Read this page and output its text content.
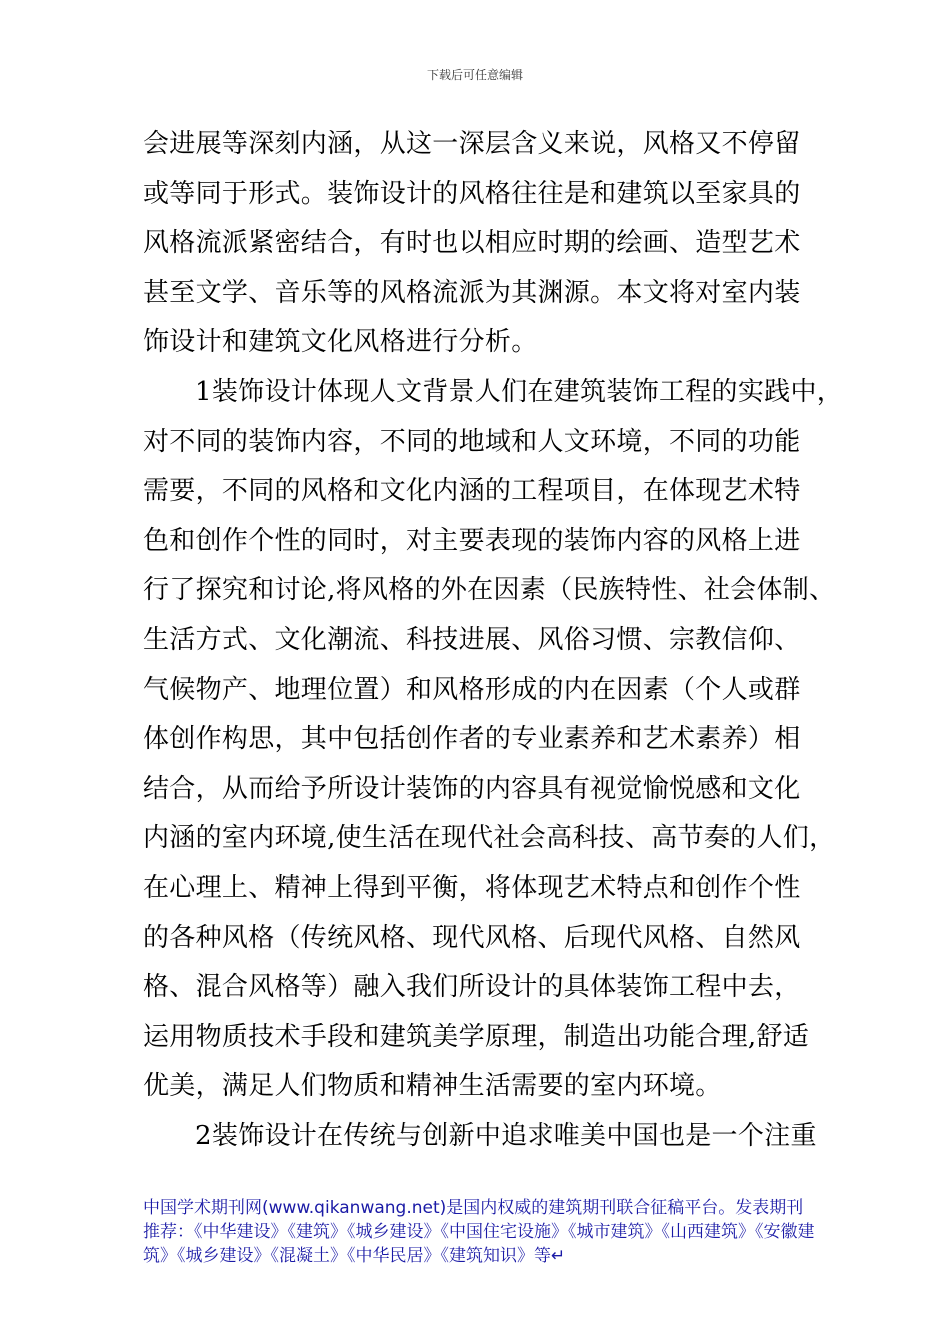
下载后可任意编辑
会进展等深刻内涵，从这一深层含义来说，风格又不停留
或等同于形式。装饰设计的风格往往是和建筑以至家具的
风格流派紧密结合，有时也以相应时期的绘画、造型艺术
甚至文学、音乐等的风格流派为其渊源。本文将对室内装
饰设计和建筑文化风格进行分析。
1装饰设计体现人文背景人们在建筑装饰工程的实践中，
对不同的装饰内容，不同的地域和人文环境，不同的功能
需要，不同的风格和文化内涵的工程项目，在体现艺术特
色和创作个性的同时，对主要表现的装饰内容的风格上进
行了探究和讨论,将风格的外在因素（民族特性、社会体制、
生活方式、文化潮流、科技进展、风俗习惯、宗教信仰、
气候物产、地理位置）和风格形成的内在因素（个人或群
体创作构思，其中包括创作者的专业素养和艺术素养）相
结合，从而给予所设计装饰的内容具有视觉愉悦感和文化
内涵的室内环境,使生活在现代社会高科技、高节奏的人们，
在心理上、精神上得到平衡，将体现艺术特点和创作个性
的各种风格（传统风格、现代风格、后现代风格、自然风
格、混合风格等）融入我们所设计的具体装饰工程中去，
运用物质技术手段和建筑美学原理，制造出功能合理,舒适
优美，满足人们物质和精神生活需要的室内环境。
2装饰设计在传统与创新中追求唯美中国也是一个注重
中国学术期刊网(www.qikanwang.net)是国内权威的建筑期刊联合征稿平台。发表期刊
推荐：《中华建设》《建筑》《城乡建设》《中国住宅设施》《城市建筑》《山西建筑》《安徽建
筑》《城乡建设》《混凝土》《中华民居》《建筑知识》等↵
